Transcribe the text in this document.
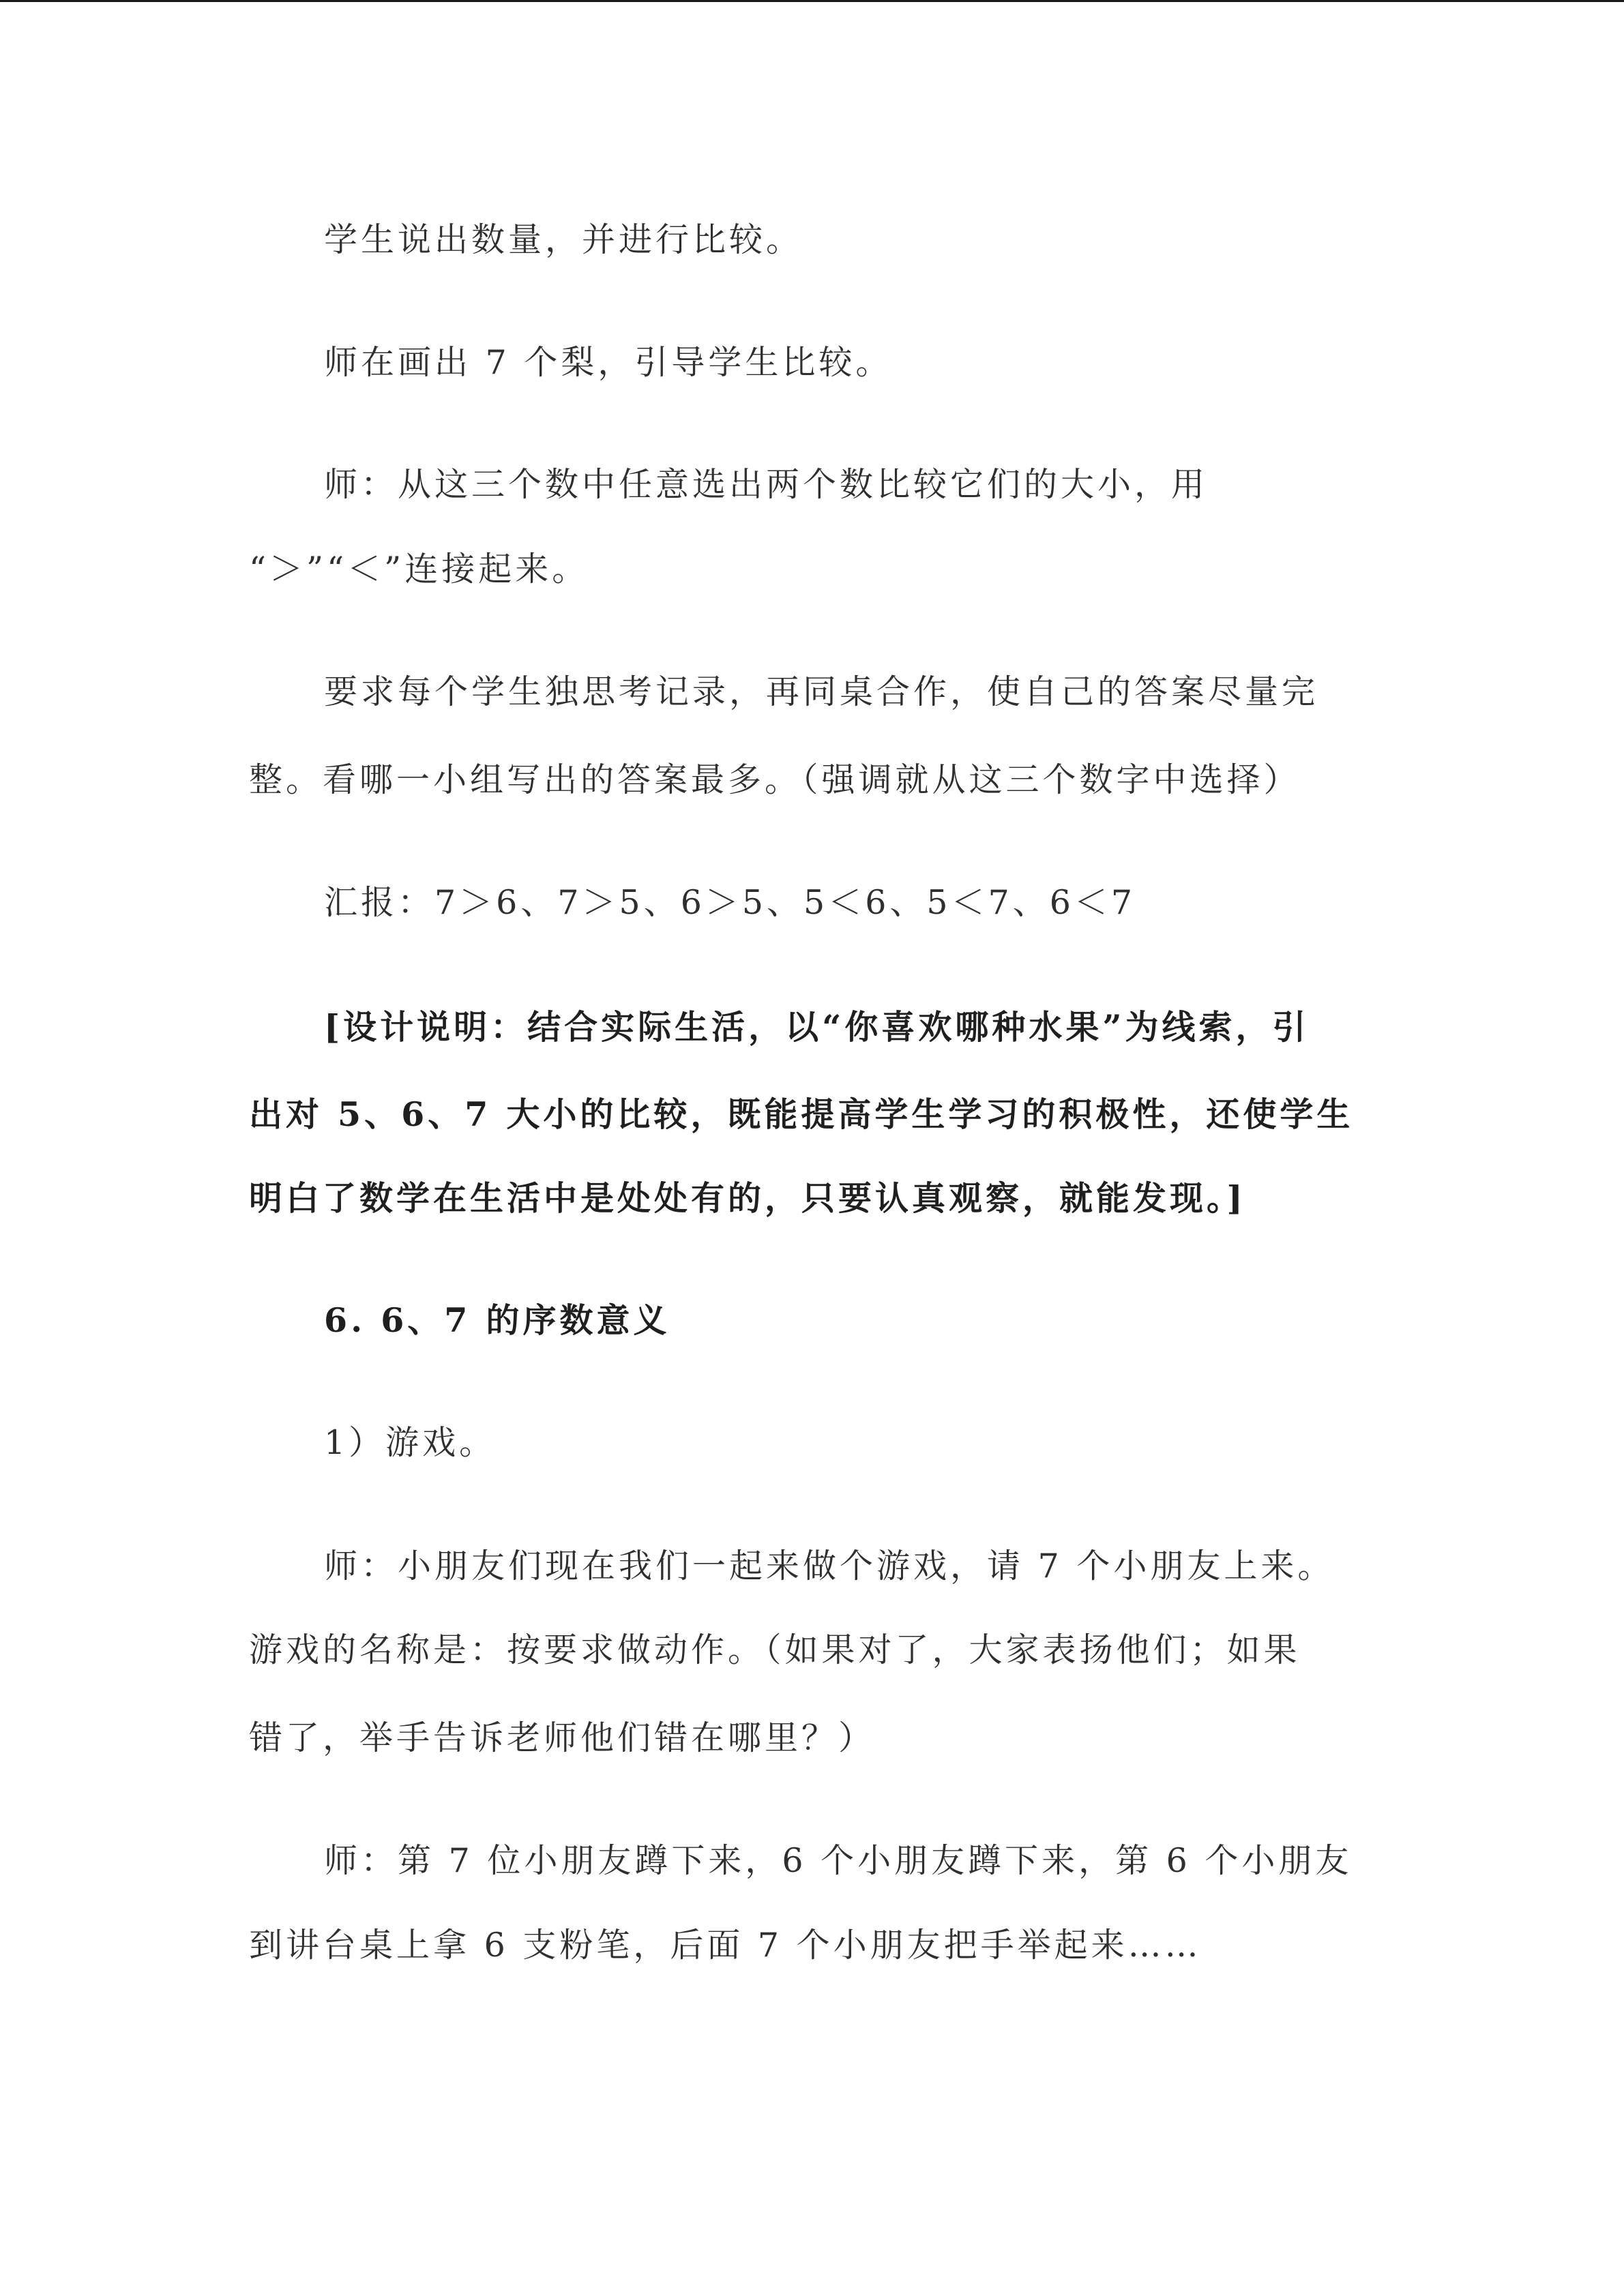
学生说出数量，并进行比较。

师在画出 7 个梨，引导学生比较。

师：从这三个数中任意选出两个数比较它们的大小，用

“＞”“＜”连接起来。

要求每个学生独思考记录，再同桌合作，使自己的答案尽量完

整。看哪一小组写出的答案最多。（强调就从这三个数字中选择）

汇报：7＞6、7＞5、6＞5、5＜6、5＜7、6＜7

[设计说明：结合实际生活，以“你喜欢哪种水果”为线索，引

出对 5、6、7 大小的比较，既能提高学生学习的积极性，还使学生

明白了数学在生活中是处处有的，只要认真观察，就能发现。]

6. 6、7 的序数意义

1）游戏。

师：小朋友们现在我们一起来做个游戏，请 7 个小朋友上来。

游戏的名称是：按要求做动作。（如果对了，大家表扬他们；如果

错了，举手告诉老师他们错在哪里？）

师：第 7 位小朋友蹲下来，6 个小朋友蹲下来，第 6 个小朋友

到讲台桌上拿 6 支粉笔，后面 7 个小朋友把手举起来……
